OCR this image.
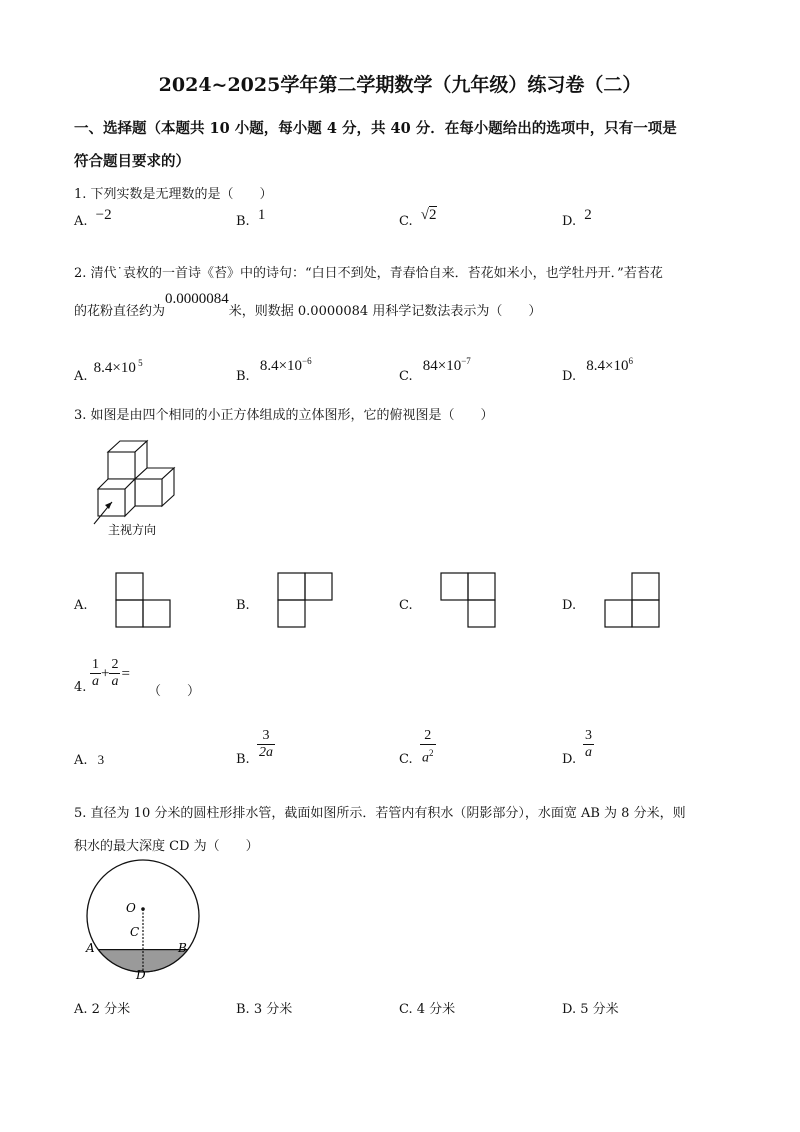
2024~2025学年第二学期数学（九年级）练习卷（二）
一、选择题（本题共 10 小题，每小题 4 分，共 40 分．在每小题给出的选项中，只有一项是
符合题目要求的）
1. 下列实数是无理数的是（　　）
A. −2	B. 1	C. √2	D. 2
2. 清代˙袁枚的一首诗《苔》中的诗句：“白日不到处，青春恰自来．苔花如米小，也学牡丹开．”若苔花
的花粉直径约为0.0000084米，则数据 0.0000084 用科学记数法表示为（　　）
A. 8.4×10 $^5$
B. $8.4\times 10^{-6}$
C. $84\times 10^{-7}$
D. $8.4\times 10^6$
3. 如图是由四个相同的小正方体组成的立体图形，它的俯视图是（　　）
主视方向
A.	B.	C.	D.
4. $\frac{1}{a} + \frac{2}{a}$ =
（　　）
A. 3	B. $\frac{3}{2a}$	C. $\frac{2}{a^2}$	D. $\frac{3}{a}$
5. 直径为 10 分米的圆柱形排水管，截面如图所示．若管内有积水（阴影部分），水面宽 AB 为 8 分米，则
积水的最大深度 CD 为（　　）
O
C
A	B
D
A. 2 分米	B. 3 分米	C. 4 分米	D. 5 分米
